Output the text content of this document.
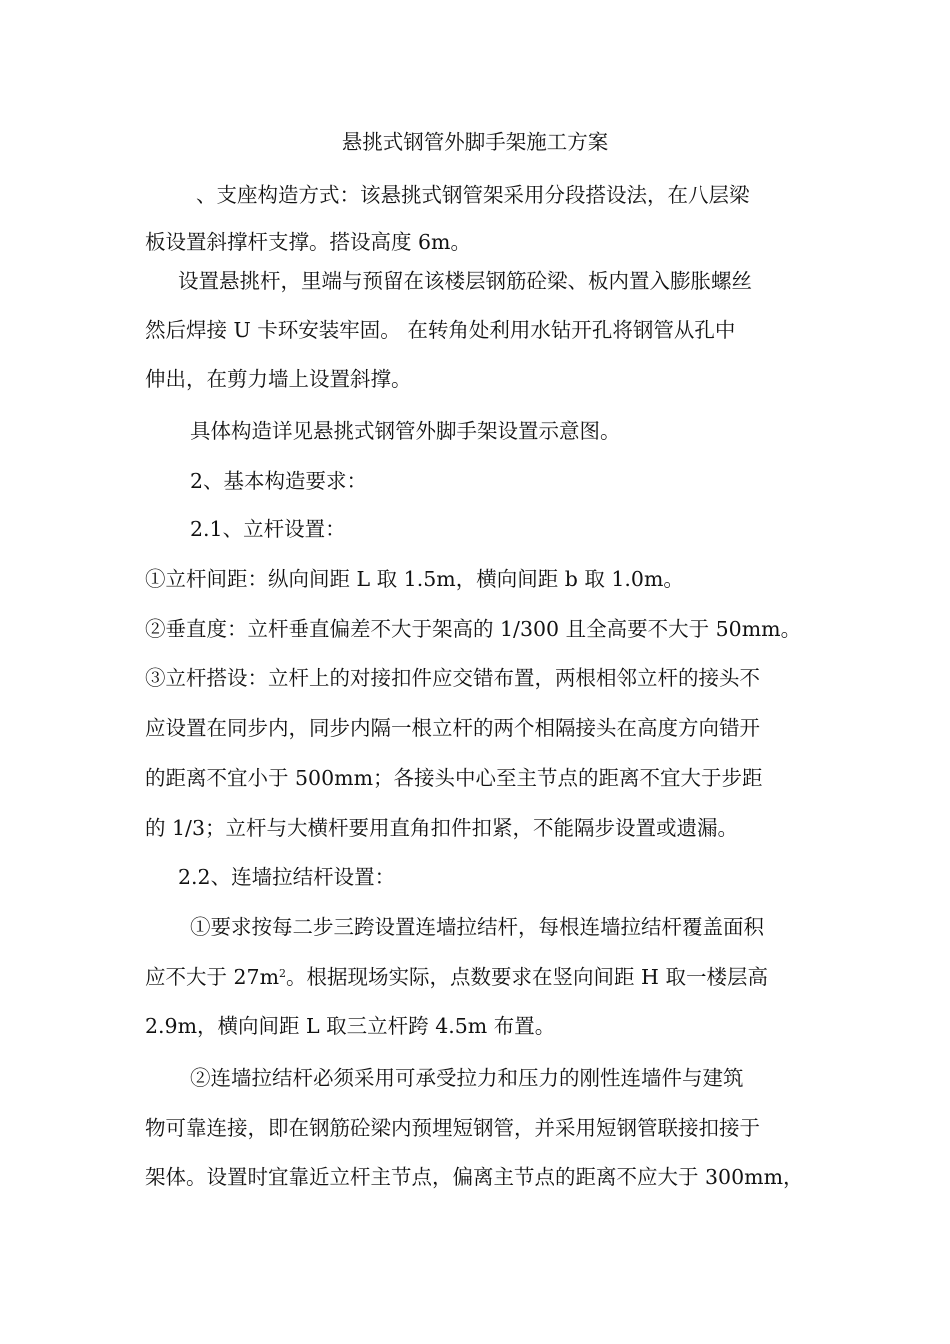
悬挑式钢管外脚手架施工方案
、支座构造方式：该悬挑式钢管架采用分段搭设法，在八层梁
板设置斜撑杆支撑。搭设高度 6m。
设置悬挑杆，里端与预留在该楼层钢筋砼梁、板内置入膨胀螺丝
然后焊接 U 卡环安装牢固。 在转角处利用水钻开孔将钢管从孔中
伸出，在剪力墙上设置斜撑。
具体构造详见悬挑式钢管外脚手架设置示意图。
2、基本构造要求：
2.1、立杆设置：
①立杆间距：纵向间距 L 取 1.5m，横向间距 b 取 1.0m。
②垂直度：立杆垂直偏差不大于架高的 1/300 且全高要不大于 50mm。
③立杆搭设：立杆上的对接扣件应交错布置，两根相邻立杆的接头不
应设置在同步内，同步内隔一根立杆的两个相隔接头在高度方向错开
的距离不宜小于 500mm；各接头中心至主节点的距离不宜大于步距
的 1/3；立杆与大横杆要用直角扣件扣紧，不能隔步设置或遗漏。
2.2、连墙拉结杆设置：
①要求按每二步三跨设置连墙拉结杆，每根连墙拉结杆覆盖面积
应不大于 $27m^2$。根据现场实际，点数要求在竖向间距 H 取一楼层高
2.9m，横向间距 L 取三立杆跨 4.5m 布置。
②连墙拉结杆必须采用可承受拉力和压力的刚性连墙件与建筑
物可靠连接，即在钢筋砼梁内预埋短钢管，并采用短钢管联接扣接于
架体。设置时宜靠近立杆主节点，偏离主节点的距离不应大于 300mm，
